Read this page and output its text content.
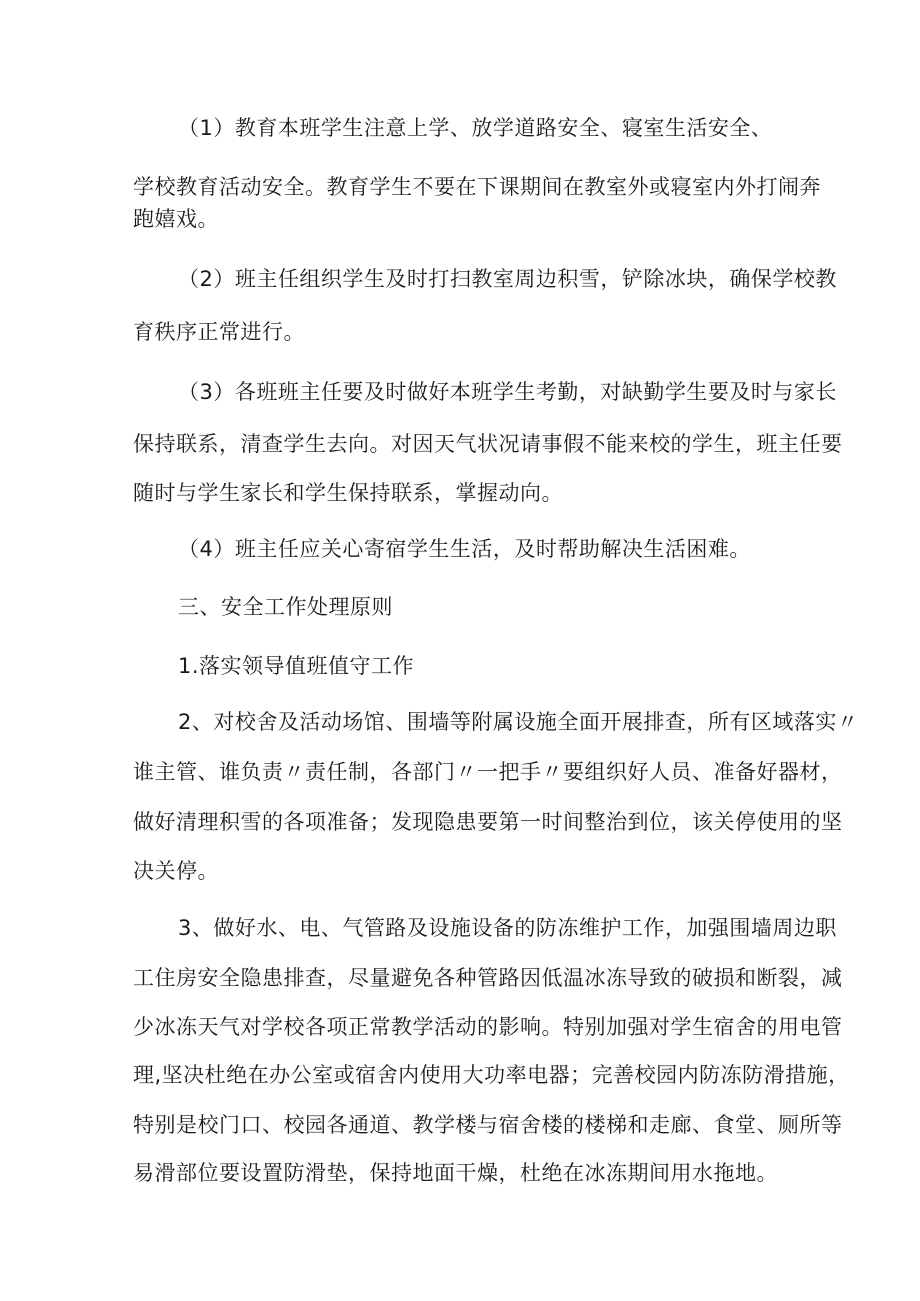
（1）教育本班学生注意上学、放学道路安全、寝室生活安全、
学校教育活动安全。教育学生不要在下课期间在教室外或寝室内外打闹奔
跑嬉戏。
（2）班主任组织学生及时打扫教室周边积雪，铲除冰块，确保学校教
育秩序正常进行。
（3）各班班主任要及时做好本班学生考勤，对缺勤学生要及时与家长
保持联系，清查学生去向。对因天气状况请事假不能来校的学生，班主任要
随时与学生家长和学生保持联系，掌握动向。
（4）班主任应关心寄宿学生生活，及时帮助解决生活困难。
三、安全工作处理原则
1.落实领导值班值守工作
2、对校舍及活动场馆、围墙等附属设施全面开展排查，所有区域落实〃
谁主管、谁负责〃责任制，各部门〃一把手〃要组织好人员、准备好器材，
做好清理积雪的各项准备；发现隐患要第一时间整治到位，该关停使用的坚
决关停。
3、做好水、电、气管路及设施设备的防冻维护工作，加强围墙周边职
工住房安全隐患排查，尽量避免各种管路因低温冰冻导致的破损和断裂，减
少冰冻天气对学校各项正常教学活动的影响。特别加强对学生宿舍的用电管
理,坚决杜绝在办公室或宿舍内使用大功率电器；完善校园内防冻防滑措施，
特别是校门口、校园各通道、教学楼与宿舍楼的楼梯和走廊、食堂、厕所等
易滑部位要设置防滑垫，保持地面干燥，杜绝在冰冻期间用水拖地。
